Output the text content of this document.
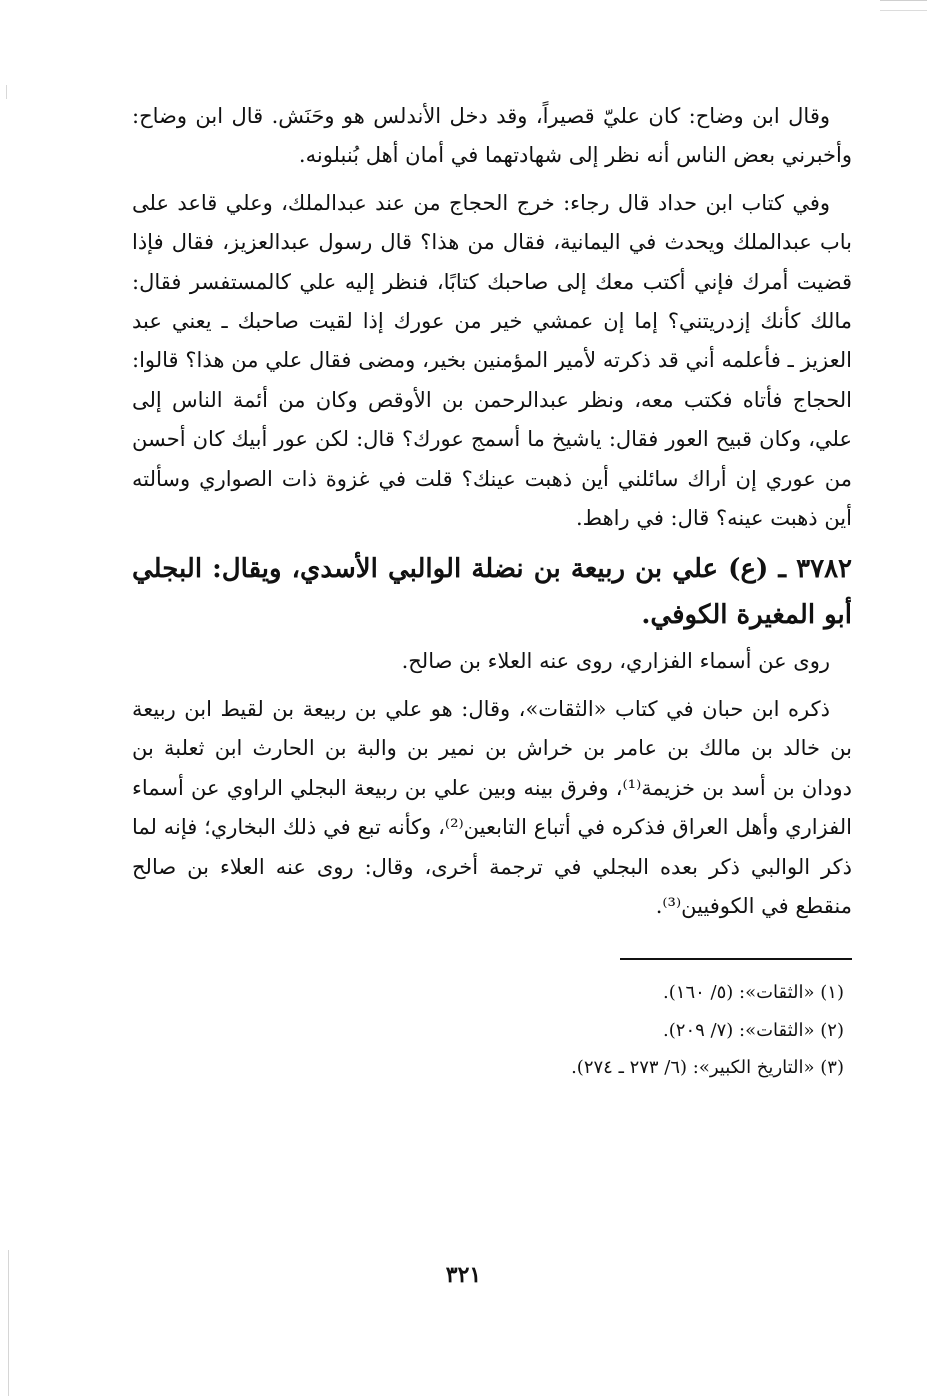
وقال ابن وضاح: كان عليّ قصيراً، وقد دخل الأندلس هو وحَنَش. قال ابن وضاح: وأخبرني بعض الناس أنه نظر إلى شهادتهما في أمان أهل بُنبلونه.

وفي كتاب ابن حداد قال رجاء: خرج الحجاج من عند عبدالملك، وعلي قاعد على باب عبدالملك ويحدث في اليمانية، فقال من هذا؟ قال رسول عبدالعزيز، فقال فإذا قضيت أمرك فإني أكتب معك إلى صاحبك كتابًا، فنظر إليه علي كالمستفسر فقال: مالك كأنك إزدريتني؟ إما إن عمشي خير من عورك إذا لقيت صاحبك ـ يعني عبد العزيز ـ فأعلمه أني قد ذكرته لأمير المؤمنين بخير، ومضى فقال علي من هذا؟ قالوا: الحجاج فأتاه فكتب معه، ونظر عبدالرحمن بن الأوقص وكان من أئمة الناس إلى علي، وكان قبيح العور فقال: ياشيخ ما أسمج عورك؟ قال: لكن عور أبيك كان أحسن من عوري إن أراك سائلني أين ذهبت عينك؟ قلت في غزوة ذات الصواري وسألته أين ذهبت عينه؟ قال: في راهط.

٣٧٨٢ ـ (ع) علي بن ربيعة بن نضلة الوالبي الأسدي، ويقال: البجلي أبو المغيرة الكوفي.

روى عن أسماء الفزاري، روى عنه العلاء بن صالح.

ذكره ابن حبان في كتاب «الثقات»، وقال: هو علي بن ربيعة بن لقيط ابن ربيعة بن خالد بن مالك بن عامر بن خراش بن نمير بن والبة بن الحارث ابن ثعلبة بن دودان بن أسد بن خزيمة⁽¹⁾، وفرق بينه وبين علي بن ربيعة البجلي الراوي عن أسماء الفزاري وأهل العراق فذكره في أتباع التابعين⁽²⁾، وكأنه تبع في ذلك البخاري؛ فإنه لما ذكر الوالبي ذكر بعده البجلي في ترجمة أخرى، وقال: روى عنه العلاء بن صالح منقطع في الكوفيين⁽³⁾.

(١) «الثقات»: (٥/ ١٦٠).

(٢) «الثقات»: (٧/ ٢٠٩).

(٣) «التاريخ الكبير»: (٦/ ٢٧٣ ـ ٢٧٤).

٣٢١
